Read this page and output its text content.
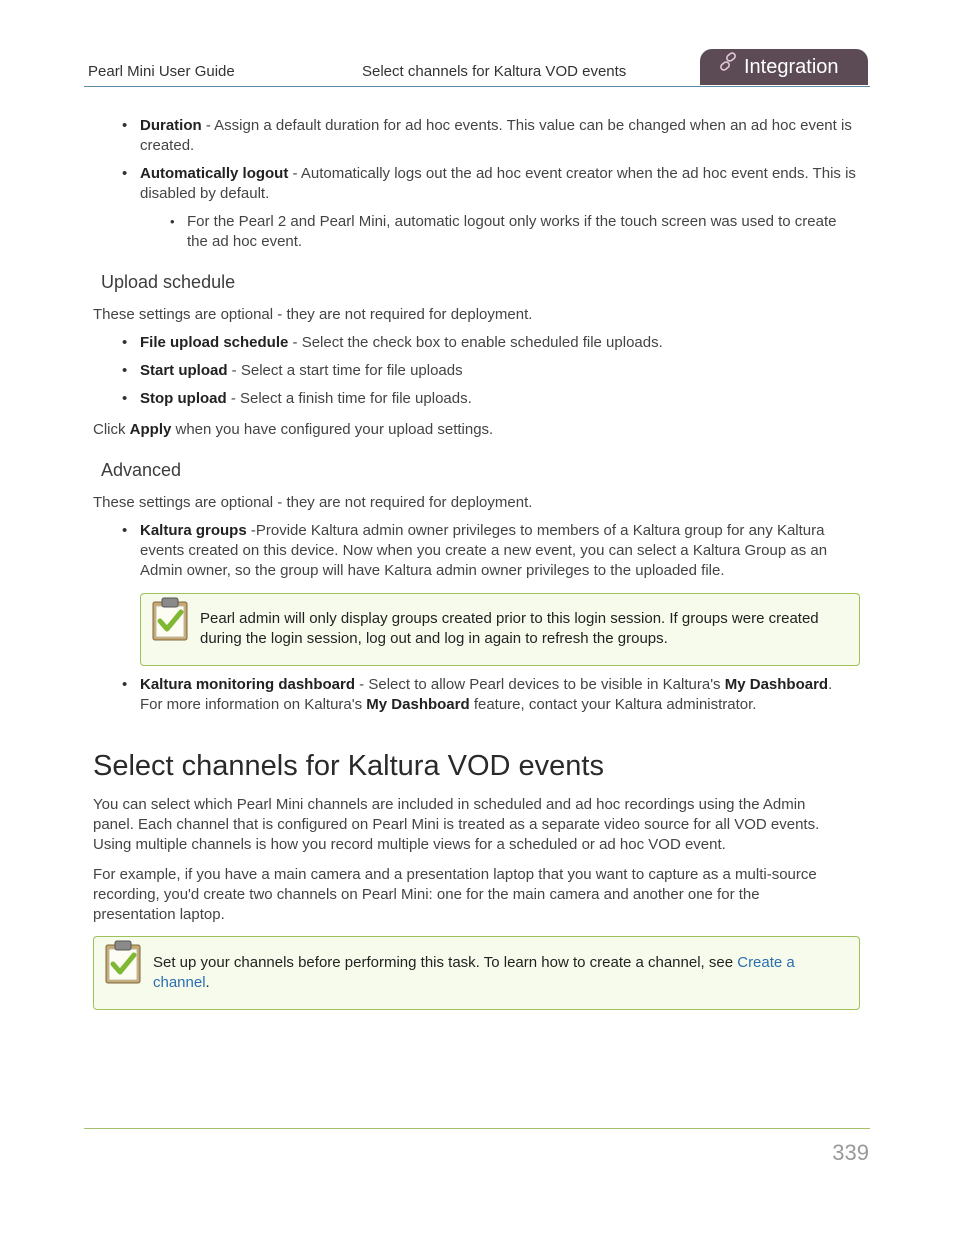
Pearl Mini User Guide	Select channels for Kaltura VOD events	Integration
• Duration - Assign a default duration for ad hoc events. This value can be changed when an ad hoc event is created.
• Automatically logout - Automatically logs out the ad hoc event creator when the ad hoc event ends. This is disabled by default.
• For the Pearl 2 and Pearl Mini, automatic logout only works if the touch screen was used to create the ad hoc event.
Upload schedule
These settings are optional - they are not required for deployment.
• File upload schedule - Select the check box to enable scheduled file uploads.
• Start upload - Select a start time for file uploads
• Stop upload - Select a finish time for file uploads.
Click Apply when you have configured your upload settings.
Advanced
These settings are optional - they are not required for deployment.
• Kaltura groups -Provide Kaltura admin owner privileges to members of a Kaltura group for any Kaltura events created on this device. Now when you create a new event, you can select a Kaltura Group as an Admin owner, so the group will have Kaltura admin owner privileges to the uploaded file.
Pearl admin will only display groups created prior to this login session. If groups were created during the login session, log out and log in again to refresh the groups.
• Kaltura monitoring dashboard - Select to allow Pearl devices to be visible in Kaltura's My Dashboard. For more information on Kaltura's My Dashboard feature, contact your Kaltura administrator.
Select channels for Kaltura VOD events
You can select which Pearl Mini channels are included in scheduled and ad hoc recordings using the Admin panel. Each channel that is configured on Pearl Mini is treated as a separate video source for all VOD events. Using multiple channels is how you record multiple views for a scheduled or ad hoc VOD event.
For example, if you have a main camera and a presentation laptop that you want to capture as a multi-source recording, you'd create two channels on Pearl Mini: one for the main camera and another one for the presentation laptop.
Set up your channels before performing this task. To learn how to create a channel, see Create a channel.
339
